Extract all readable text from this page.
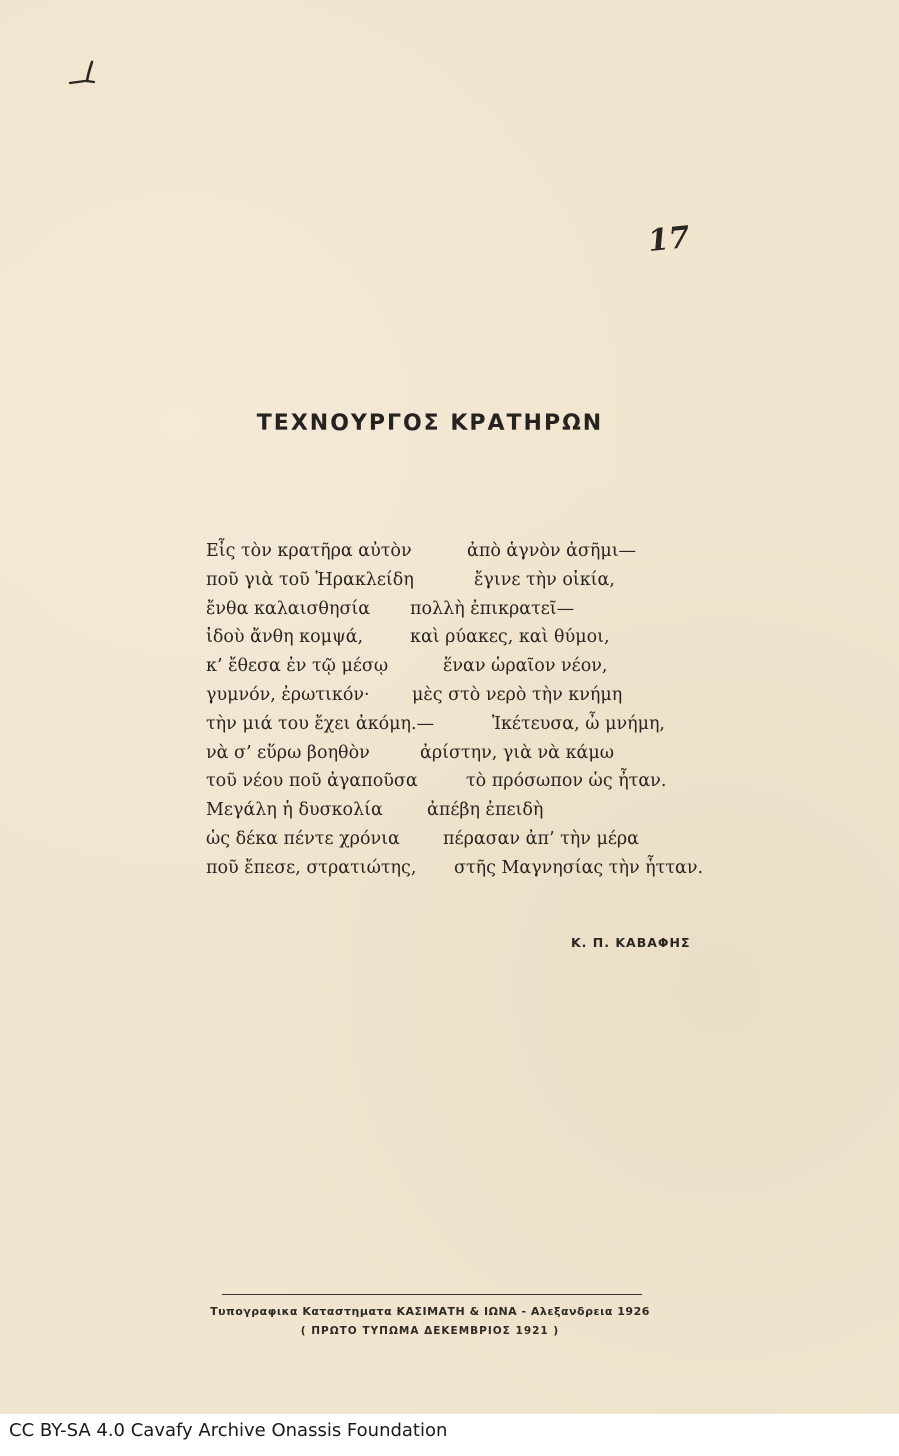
17
ΤΕΧΝΟΥΡΓΟΣ ΚΡΑΤΗΡΩΝ
Εἶς τὸν κρατῆρα αὐτὸν	ἀπὸ ἁγνὸν ἀσῆμι—
ποῦ γιὰ τοῦ Ἡρακλείδη	ἔγινε τὴν οἰκία,
ἔνθα καλαισθησία πολλὴ ἐπικρατεῖ—
ἰδοὺ ἄνθη κομψά,	καὶ ρύακες, καὶ θύμοι,
κ’ ἔθεσα ἐν τῷ μέσῳ	ἕναν ὡραῖον νέον,
γυμνόν, ἐρωτικόν· μὲς στὸ νερὸ τὴν κνήμη
τὴν μιά του ἔχει ἀκόμη.—	Ἱκέτευσα, ὦ μνήμη,
νὰ σ’ εὕρω βοηθὸν	ἀρίστην, γιὰ νὰ κάμω
τοῦ νέου ποῦ ἀγαποῦσα	τὸ πρόσωπον ὡς ἦταν.
Μεγάλη ἡ δυσκολία	ἀπέβη ἐπειδὴ
ὡς δέκα πέντε χρόνια πέρασαν ἀπ’ τὴν μέρα
ποῦ ἔπεσε, στρατιώτης, στῆς Μαγνησίας τὴν ἧτταν.
Κ. Π. ΚΑΒΑΦΗΣ
Τυπογραφικα Καταστηματα ΚΑΣΙΜΑΤΗ & ΙΩΝΑ - Αλεξανδρεια 1926
( ΠΡΩΤΟ ΤΥΠΩΜΑ ΔΕΚΕΜΒΡΙΟΣ 1921 )
CC BY-SA 4.0 Cavafy Archive Onassis Foundation
